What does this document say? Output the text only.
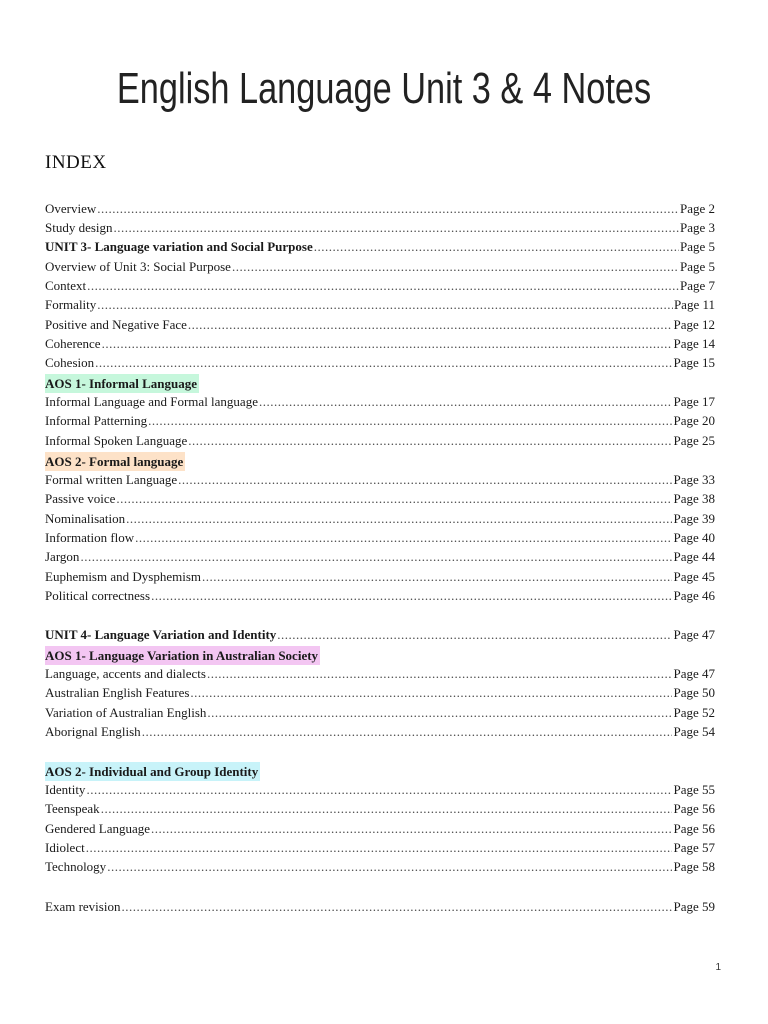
English Language Unit 3 & 4 Notes
INDEX
Overview .....	Page 2
Study design .....	Page 3
UNIT 3- Language variation and Social Purpose .....	Page 5
Overview of Unit 3: Social Purpose .....	Page 5
Context .....	Page 7
Formality .....	Page 11
Positive and Negative Face .....	Page 12
Coherence .....	Page 14
Cohesion .....	Page 15
AOS 1- Informal Language
Informal Language and Formal language .....	Page 17
Informal Patterning .....	Page 20
Informal Spoken Language .....	Page 25
AOS 2- Formal language
Formal written Language .....	Page 33
Passive voice .....	Page 38
Nominalisation .....	Page 39
Information flow .....	Page 40
Jargon .....	Page 44
Euphemism and Dysphemism .....	Page 45
Political correctness .....	Page 46
UNIT 4- Language Variation and Identity .....	Page 47
AOS 1- Language Variation in Australian Society
Language, accents and dialects .....	Page 47
Australian English Features .....	Page 50
Variation of Australian English .....	Page 52
Aborignal English .....	Page 54
AOS 2- Individual and Group Identity
Identity .....	Page 55
Teenspeak .....	Page 56
Gendered Language .....	Page 56
Idiolect .....	Page 57
Technology .....	Page 58
Exam revision .....	Page 59
1
